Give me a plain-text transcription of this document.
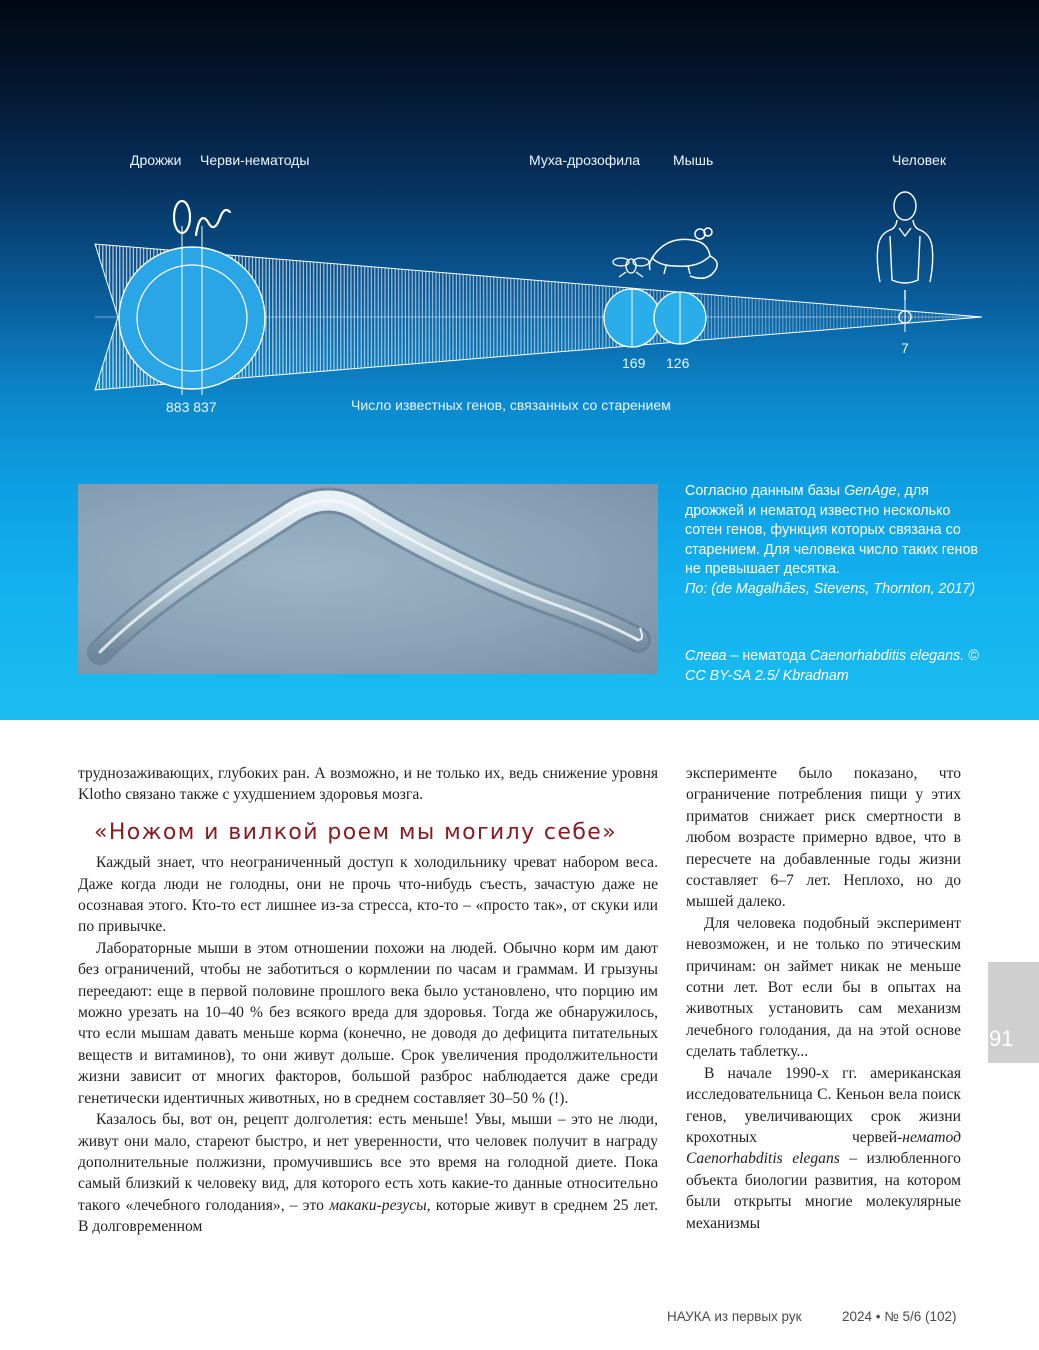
Дрожжи Черви-нематоды	Муха-дрозофила Мышь	Человек
883 837
169 126
7
Число известных генов, связанных со старением

Согласно данным базы GenAge, для дрожжей и нематод известно несколько сотен генов, функция которых связана со старением. Для человека число таких генов не превышает десятка.

По: (de Magalhães, Stevens, Thornton, 2017)

Слева – нематода Caenorhabditis elegans. © CC BY-SA 2.5/ Kbradnam

труднозаживающих, глубоких ран. А возможно, и не только их, ведь снижение уровня Klotho связано также с ухудшением здоровья мозга.

«Ножом и вилкой роем мы могилу себе»

Каждый знает, что неограниченный доступ к холодильнику чреват набором веса. Даже когда люди не голодны, они не прочь что-нибудь съесть, зачастую даже не осознавая этого. Кто-то ест лишнее из-за стресса, кто-то – «просто так», от скуки или по привычке.

Лабораторные мыши в этом отношении похожи на людей. Обычно корм им дают без ограничений, чтобы не заботиться о кормлении по часам и граммам. И грызуны переедают: еще в первой половине прошлого века было установлено, что порцию им можно урезать на 10–40 % без всякого вреда для здоровья. Тогда же обнаружилось, что если мышам давать меньше корма (конечно, не доводя до дефицита питательных веществ и витаминов), то они живут дольше. Срок увеличения продолжительности жизни зависит от многих факторов, большой разброс наблюдается даже среди генетически идентичных животных, но в среднем составляет 30–50 % (!).

Казалось бы, вот он, рецепт долголетия: есть меньше! Увы, мыши – это не люди, живут они мало, стареют быстро, и нет уверенности, что человек получит в награду дополнительные полжизни, промучившись все это время на голодной диете. Пока самый близкий к человеку вид, для которого есть хоть какие-то данные относительно такого «лечебного голодания», – это макаки-резусы, которые живут в среднем 25 лет. В долговременном

эксперименте было показано, что ограничение потребления пищи у этих приматов снижает риск смертности в любом возрасте примерно вдвое, что в пересчете на добавленные годы жизни составляет 6–7 лет. Неплохо, но до мышей далеко.

Для человека подобный эксперимент невозможен, и не только по этическим причинам: он займет никак не меньше сотни лет. Вот если бы в опытах на животных установить сам механизм лечебного голодания, да на этой основе сделать таблетку...

В начале 1990-х гг. американская исследовательница С. Кеньон вела поиск генов, увеличивающих срок жизни крохотных червей-нематод Caenorhabditis elegans – излюбленного объекта биологии развития, на котором были открыты многие молекулярные механизмы

91
НАУКА из первых рук	2024 • № 5/6 (102)
